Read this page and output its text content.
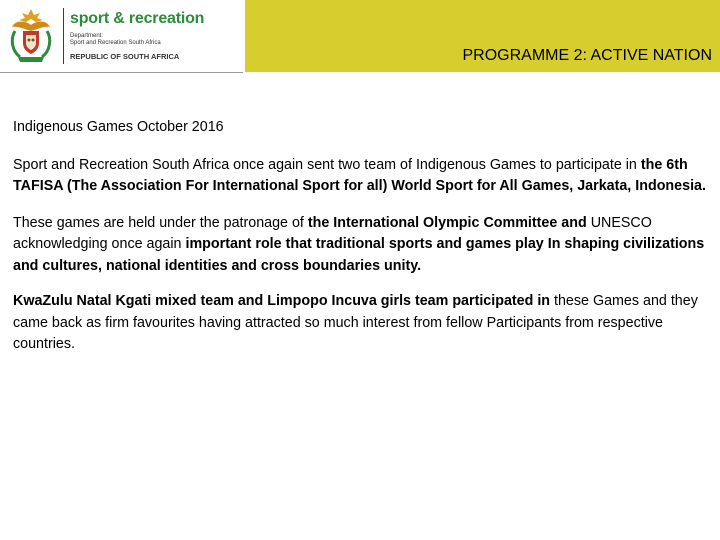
sport & recreation
Department:
Sport and Recreation South Africa
REPUBLIC OF SOUTH AFRICA	PROGRAMME 2: ACTIVE NATION

Indigenous Games October 2016

Sport and Recreation South Africa once again sent two team of Indigenous Games to participate in the 6th TAFISA (The Association For International Sport for all) World Sport for All Games, Jarkata, Indonesia.

These games are held under the patronage of the International Olympic Committee and UNESCO acknowledging once again important role that traditional sports and games play In shaping civilizations and cultures, national identities and cross boundaries unity.

KwaZulu Natal Kgati mixed team and Limpopo Incuva girls team participated in these Games and they came back as firm favourites having attracted so much interest from fellow Participants from respective countries.
